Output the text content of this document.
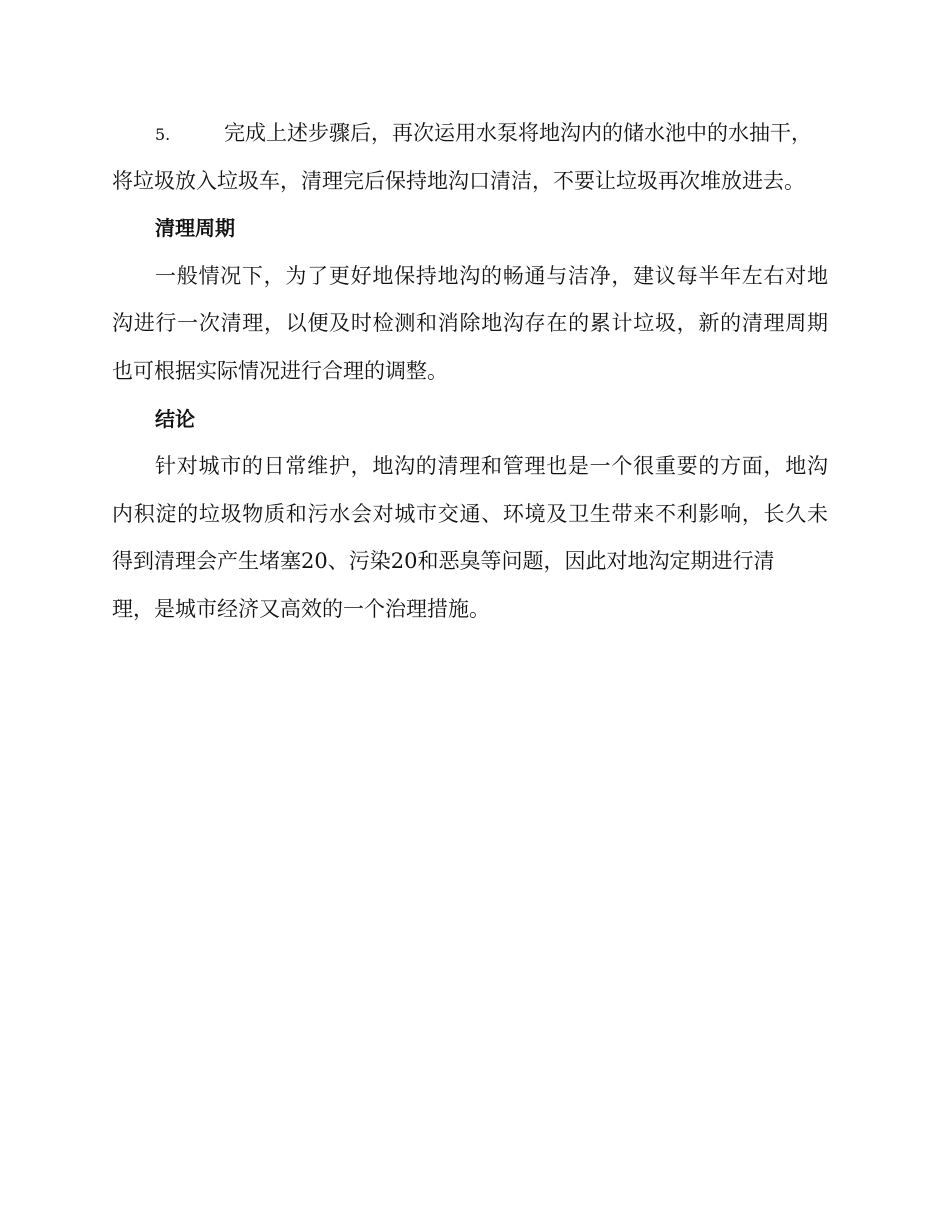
5.	完成上述步骤后，再次运用水泵将地沟内的储水池中的水抽干，
将垃圾放入垃圾车，清理完后保持地沟口清洁，不要让垃圾再次堆放进去。
清理周期
一般情况下，为了更好地保持地沟的畅通与洁净，建议每半年左右对地
沟进行一次清理，以便及时检测和消除地沟存在的累计垃圾，新的清理周期
也可根据实际情况进行合理的调整。
结论
针对城市的日常维护，地沟的清理和管理也是一个很重要的方面，地沟
内积淀的垃圾物质和污水会对城市交通、环境及卫生带来不利影响，长久未
得到清理会产生堵塞20、污染20和恶臭等问题，因此对地沟定期进行清
理，是城市经济又高效的一个治理措施。
